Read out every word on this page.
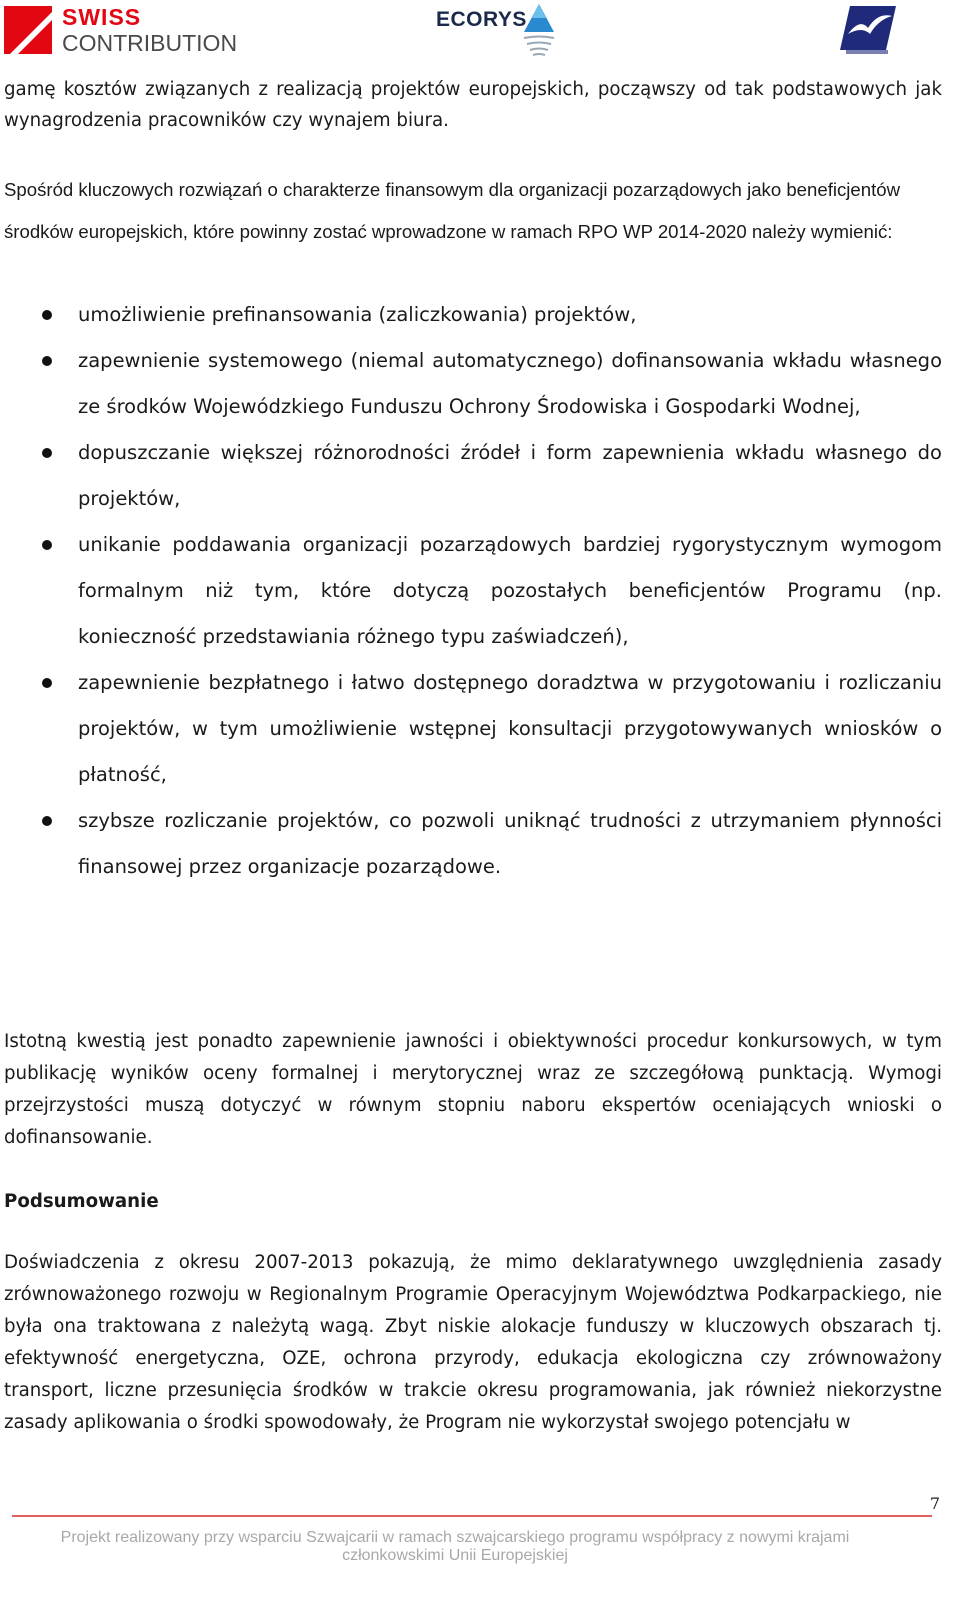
SWISS
CONTRIBUTION
ECORYS
gamę kosztów związanych z realizacją projektów europejskich, począwszy od tak podstawowych jak wynagrodzenia pracowników czy wynajem biura.
Spośród kluczowych rozwiązań o charakterze finansowym dla organizacji pozarządowych jako beneficjentów środków europejskich, które powinny zostać wprowadzone w ramach RPO WP 2014-2020 należy wymienić:
umożliwienie prefinansowania (zaliczkowania) projektów,
zapewnienie systemowego (niemal automatycznego) dofinansowania wkładu własnego ze środków Wojewódzkiego Funduszu Ochrony Środowiska i Gospodarki Wodnej,
dopuszczanie większej różnorodności źródeł i form zapewnienia wkładu własnego do projektów,
unikanie poddawania organizacji pozarządowych bardziej rygorystycznym wymogom formalnym niż tym, które dotyczą pozostałych beneficjentów Programu (np. konieczność przedstawiania różnego typu zaświadczeń),
zapewnienie bezpłatnego i łatwo dostępnego doradztwa w przygotowaniu i rozliczaniu projektów, w tym umożliwienie wstępnej konsultacji przygotowywanych wniosków o płatność,
szybsze rozliczanie projektów, co pozwoli uniknąć trudności z utrzymaniem płynności finansowej przez organizacje pozarządowe.
Istotną kwestią jest ponadto zapewnienie jawności i obiektywności procedur konkursowych, w tym publikację wyników oceny formalnej i merytorycznej wraz ze szczegółową punktacją. Wymogi przejrzystości muszą dotyczyć w równym stopniu naboru ekspertów oceniających wnioski o dofinansowanie.
Podsumowanie
Doświadczenia z okresu 2007-2013 pokazują, że mimo deklaratywnego uwzględnienia zasady zrównoważonego rozwoju w Regionalnym Programie Operacyjnym Województwa Podkarpackiego, nie była ona traktowana z należytą wagą. Zbyt niskie alokacje funduszy w kluczowych obszarach tj. efektywność energetyczna, OZE, ochrona przyrody, edukacja ekologiczna czy zrównoważony transport, liczne przesunięcia środków w trakcie okresu programowania, jak również niekorzystne zasady aplikowania o środki spowodowały, że Program nie wykorzystał swojego potencjału w
7
Projekt realizowany przy wsparciu Szwajcarii w ramach szwajcarskiego programu współpracy z nowymi krajami
członkowskimi Unii Europejskiej
